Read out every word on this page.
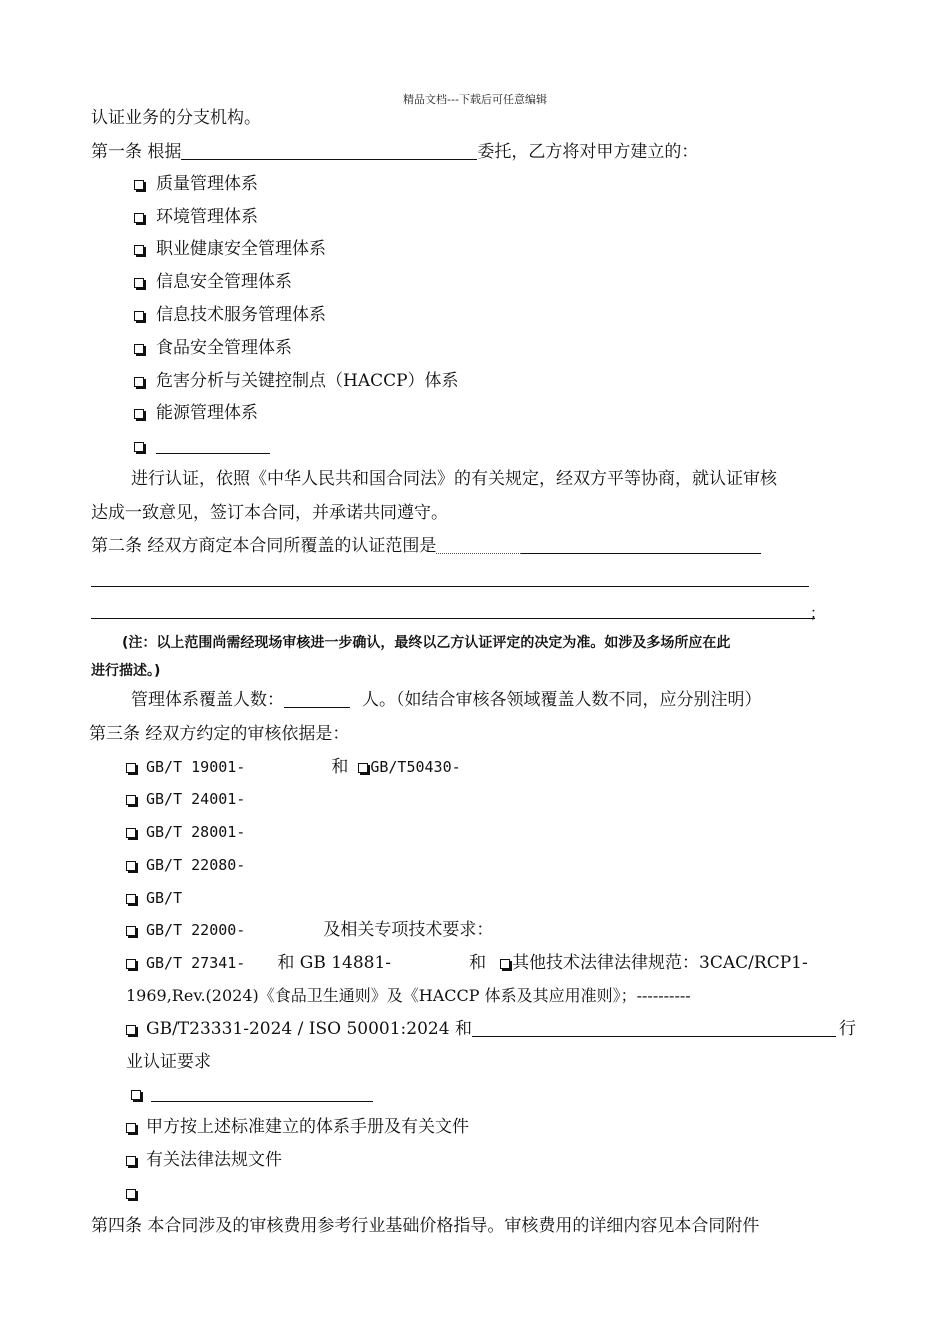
精品文档---下载后可任意编辑
认证业务的分支机构。
第一条 根据	委托，乙方将对甲方建立的：
质量管理体系
环境管理体系
职业健康安全管理体系
信息安全管理体系
信息技术服务管理体系
食品安全管理体系
危害分析与关键控制点（HACCP）体系
能源管理体系
进行认证，依照《中华人民共和国合同法》的有关规定，经双方平等协商，就认证审核
达成一致意见，签订本合同，并承诺共同遵守。
第二条 经双方商定本合同所覆盖的认证范围是
；
(注：以上范围尚需经现场审核进一步确认，最终以乙方认证评定的决定为准。如涉及多场所应在此
进行描述。)
管理体系覆盖人数：	人。（如结合审核各领域覆盖人数不同，应分别注明）
第三条 经双方约定的审核依据是：
GB/T 19001-	和 GB/T50430-
GB/T 24001-
GB/T 28001-
GB/T 22080-
GB/T
GB/T 22000-	及相关专项技术要求：
GB/T 27341- 和 GB 14881-	和 其他技术法律法律规范：3CAC/RCP1-
1969,Rev.(2024)《食品卫生通则》及《HACCP 体系及其应用准则》；----------
GB/T23331-2024 / ISO 50001:2024 和	行
业认证要求
甲方按上述标准建立的体系手册及有关文件
有关法律法规文件
第四条 本合同涉及的审核费用参考行业基础价格指导。审核费用的详细内容见本合同附件
